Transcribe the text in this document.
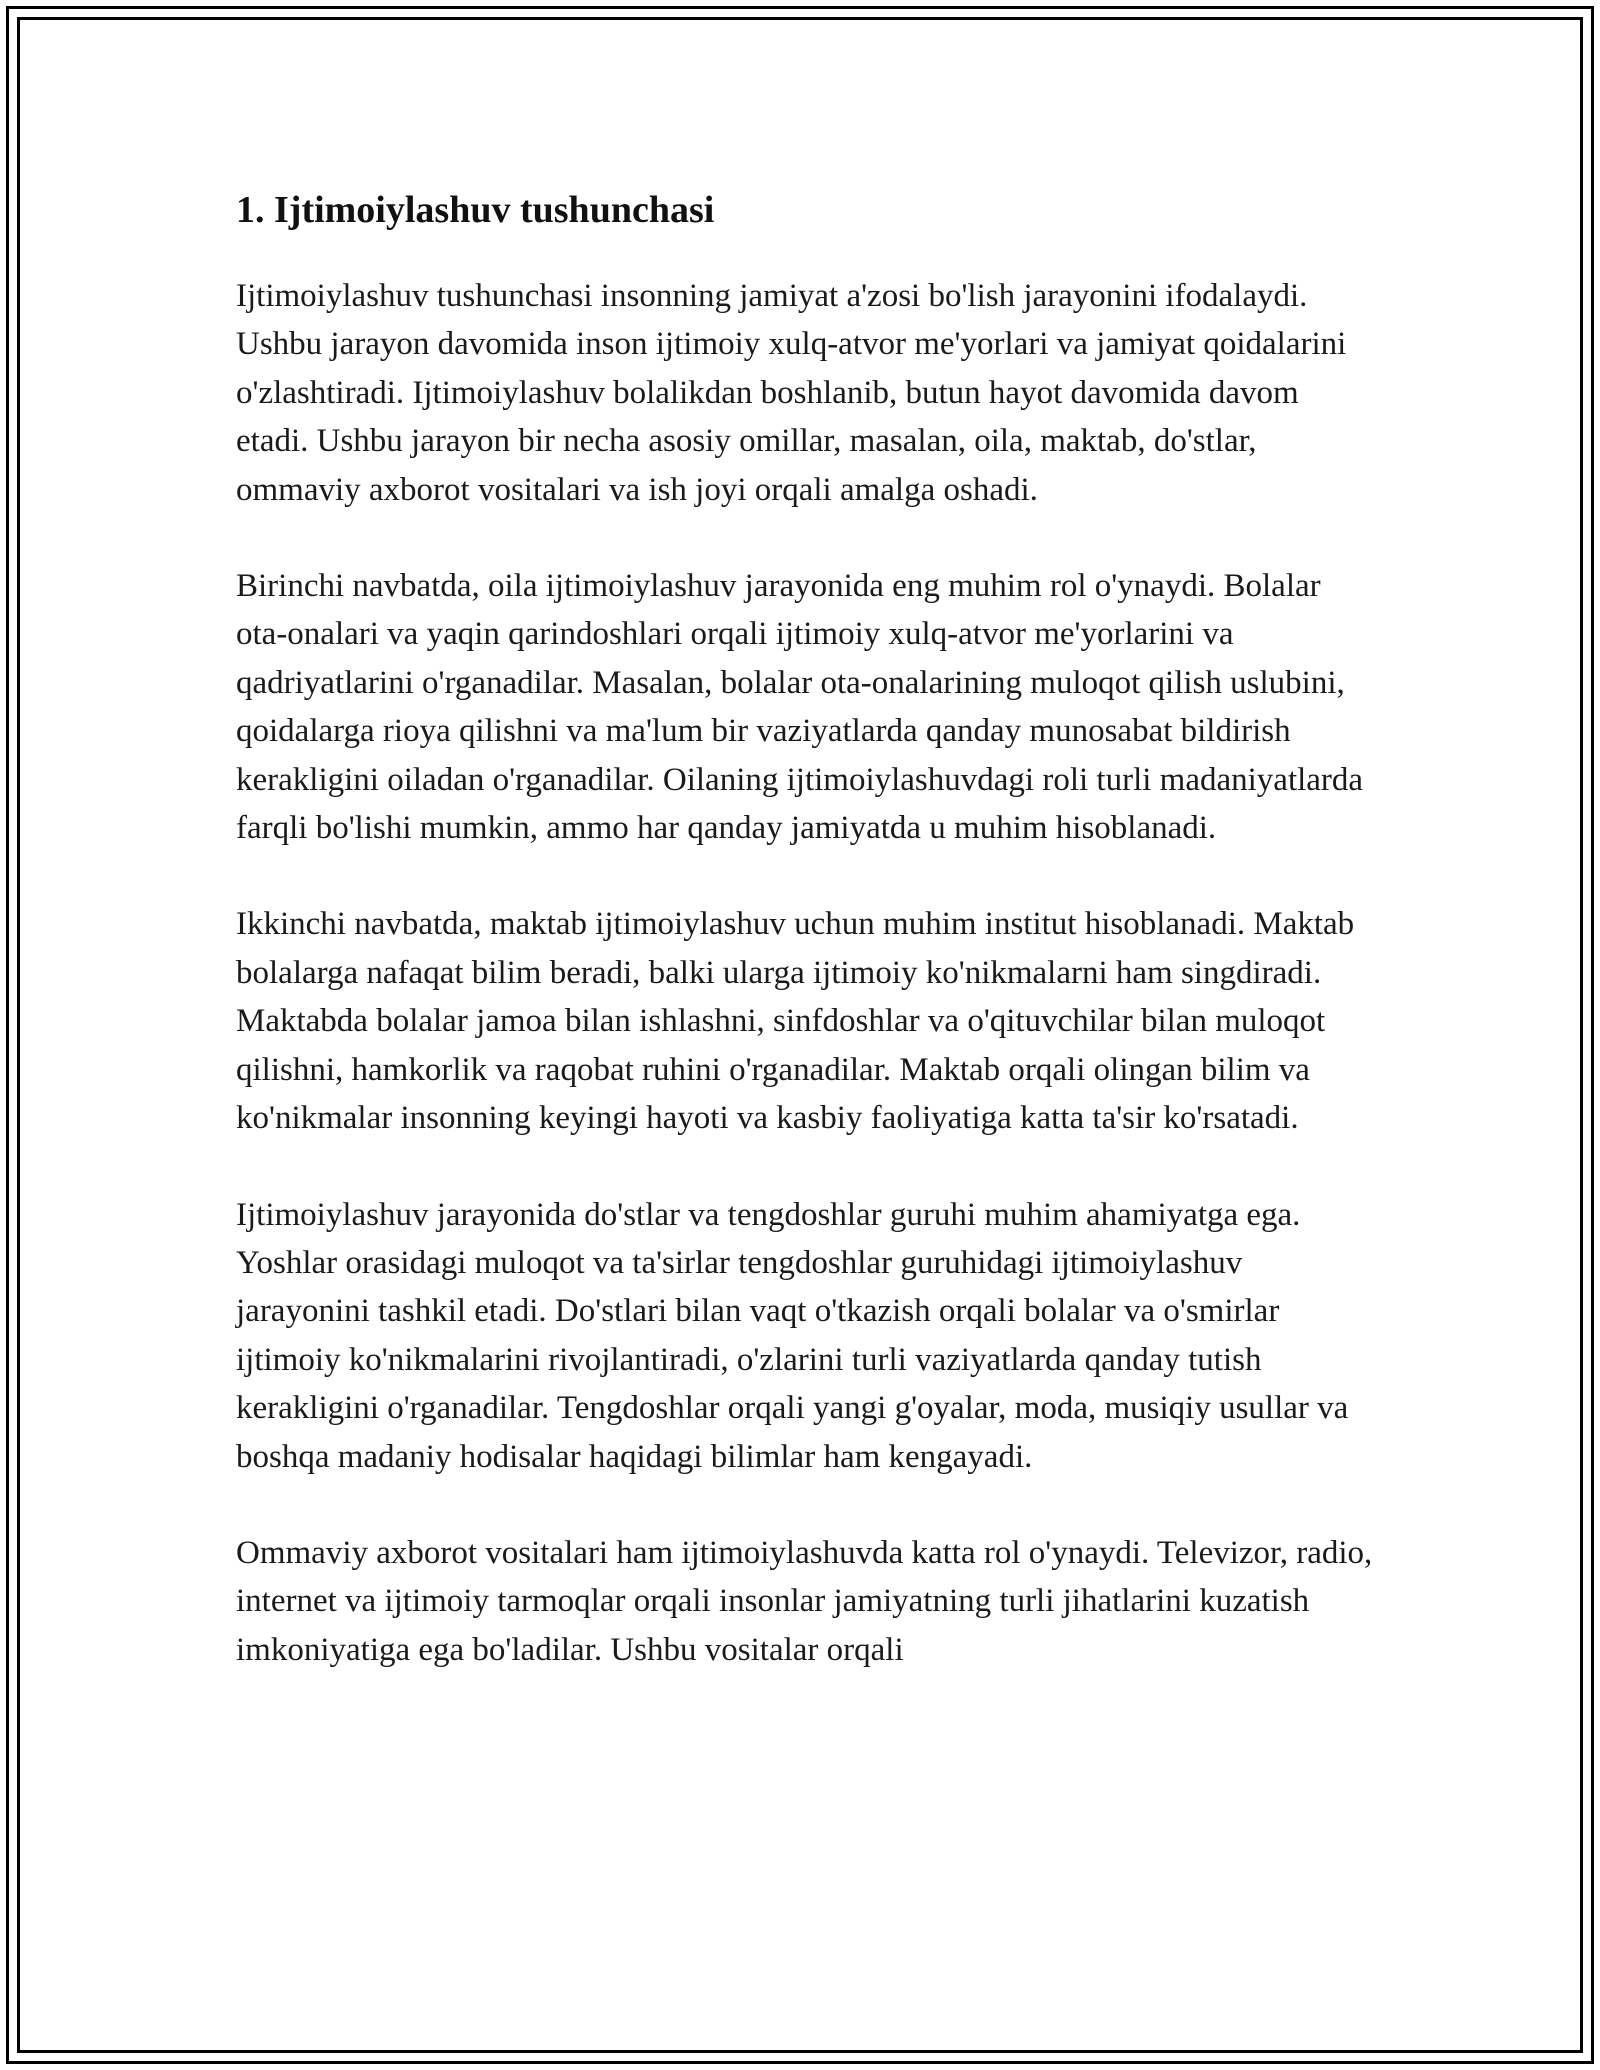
1. Ijtimoiylashuv tushunchasi

Ijtimoiylashuv tushunchasi insonning jamiyat a'zosi bo'lish jarayonini ifodalaydi. Ushbu jarayon davomida inson ijtimoiy xulq-atvor me'yorlari va jamiyat qoidalarini o'zlashtiradi. Ijtimoiylashuv bolalikdan boshlanib, butun hayot davomida davom etadi. Ushbu jarayon bir necha asosiy omillar, masalan, oila, maktab, do'stlar, ommaviy axborot vositalari va ish joyi orqali amalga oshadi.

Birinchi navbatda, oila ijtimoiylashuv jarayonida eng muhim rol o'ynaydi. Bolalar ota-onalari va yaqin qarindoshlari orqali ijtimoiy xulq-atvor me'yorlarini va qadriyatlarini o'rganadilar. Masalan, bolalar ota-onalarining muloqot qilish uslubini, qoidalarga rioya qilishni va ma'lum bir vaziyatlarda qanday munosabat bildirish kerakligini oiladan o'rganadilar. Oilaning ijtimoiylashuvdagi roli turli madaniyatlarda farqli bo'lishi mumkin, ammo har qanday jamiyatda u muhim hisoblanadi.

Ikkinchi navbatda, maktab ijtimoiylashuv uchun muhim institut hisoblanadi. Maktab bolalarga nafaqat bilim beradi, balki ularga ijtimoiy ko'nikmalarni ham singdiradi. Maktabda bolalar jamoa bilan ishlashni, sinfdoshlar va o'qituvchilar bilan muloqot qilishni, hamkorlik va raqobat ruhini o'rganadilar. Maktab orqali olingan bilim va ko'nikmalar insonning keyingi hayoti va kasbiy faoliyatiga katta ta'sir ko'rsatadi.

Ijtimoiylashuv jarayonida do'stlar va tengdoshlar guruhi muhim ahamiyatga ega. Yoshlar orasidagi muloqot va ta'sirlar tengdoshlar guruhidagi ijtimoiylashuv jarayonini tashkil etadi. Do'stlari bilan vaqt o'tkazish orqali bolalar va o'smirlar ijtimoiy ko'nikmalarini rivojlantiradi, o'zlarini turli vaziyatlarda qanday tutish kerakligini o'rganadilar. Tengdoshlar orqali yangi g'oyalar, moda, musiqiy usullar va boshqa madaniy hodisalar haqidagi bilimlar ham kengayadi.

Ommaviy axborot vositalari ham ijtimoiylashuvda katta rol o'ynaydi. Televizor, radio, internet va ijtimoiy tarmoqlar orqali insonlar jamiyatning turli jihatlarini kuzatish imkoniyatiga ega bo'ladilar. Ushbu vositalar orqali
